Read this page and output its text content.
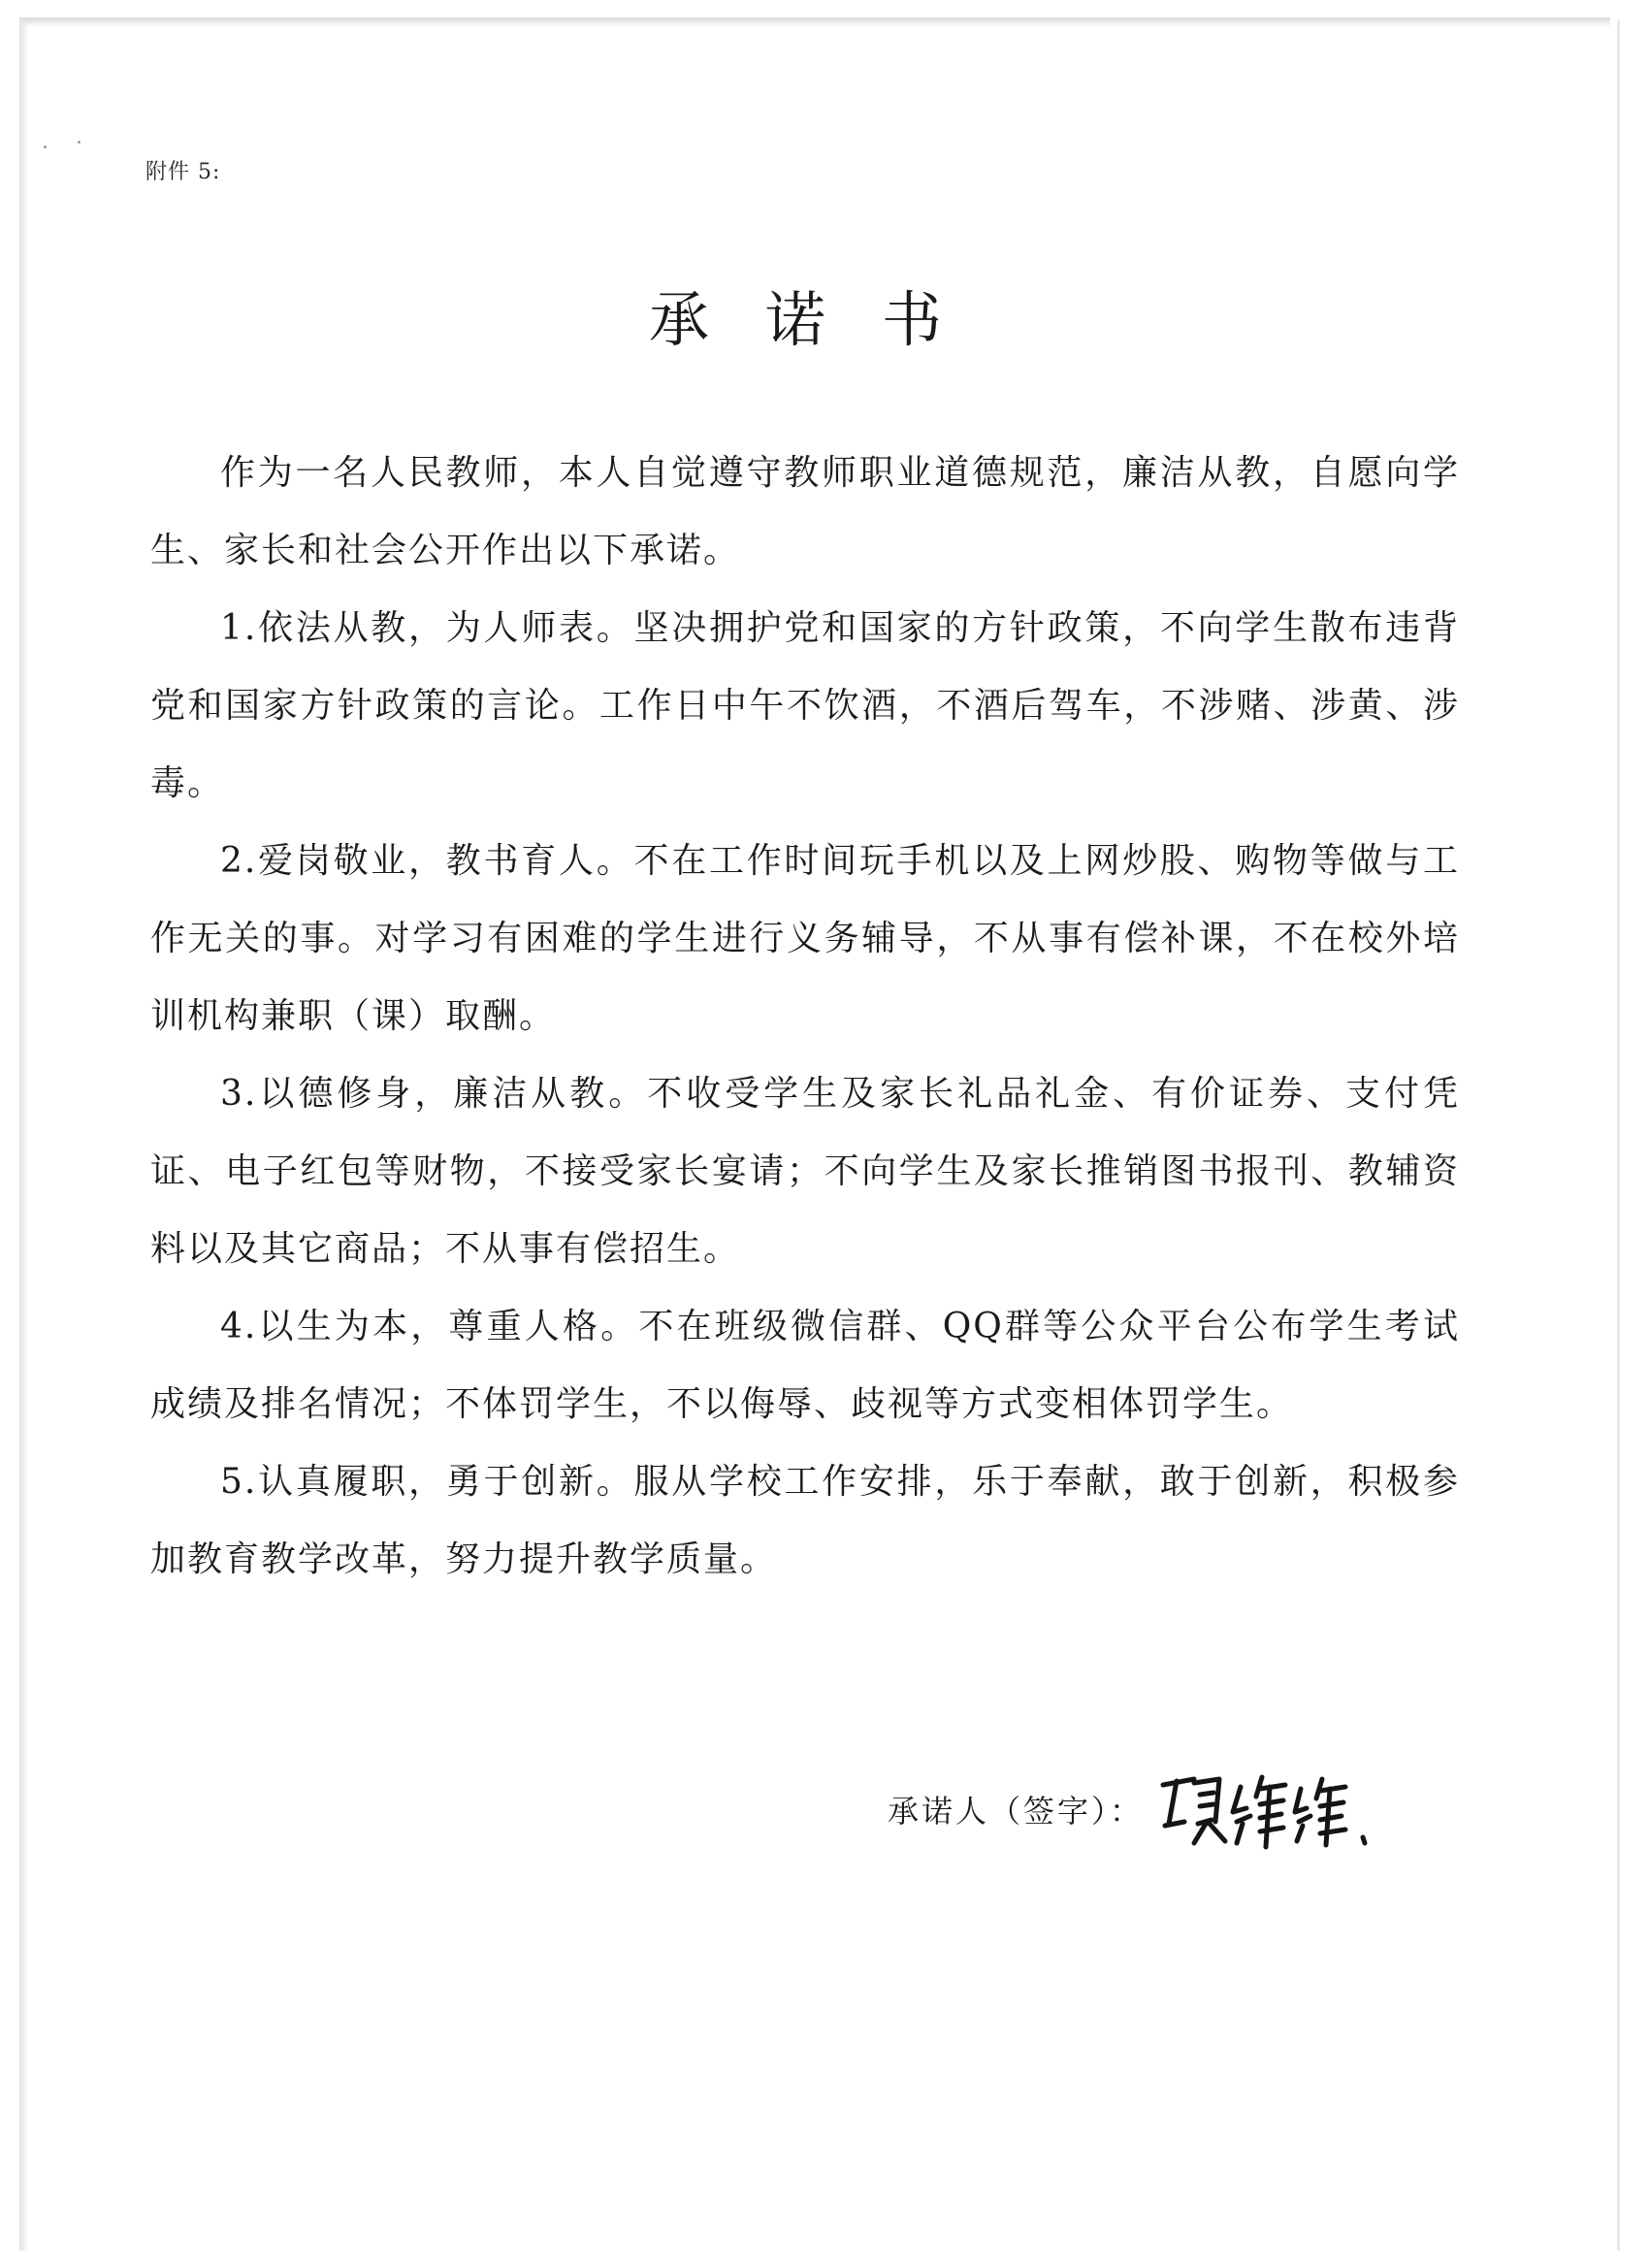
附件 5:
承诺书

作为一名人民教师，本人自觉遵守教师职业道德规范，廉洁从教，自愿向学生、家长和社会公开作出以下承诺。

1.依法从教，为人师表。坚决拥护党和国家的方针政策，不向学生散布违背党和国家方针政策的言论。工作日中午不饮酒，不酒后驾车，不涉赌、涉黄、涉毒。

2.爱岗敬业，教书育人。不在工作时间玩手机以及上网炒股、购物等做与工作无关的事。对学习有困难的学生进行义务辅导，不从事有偿补课，不在校外培训机构兼职（课）取酬。

3.以德修身，廉洁从教。不收受学生及家长礼品礼金、有价证券、支付凭证、电子红包等财物，不接受家长宴请；不向学生及家长推销图书报刊、教辅资料以及其它商品；不从事有偿招生。

4.以生为本，尊重人格。不在班级微信群、QQ群等公众平台公布学生考试成绩及排名情况；不体罚学生，不以侮辱、歧视等方式变相体罚学生。

5.认真履职，勇于创新。服从学校工作安排，乐于奉献，敢于创新，积极参加教育教学改革，努力提升教学质量。

承诺人（签字）：
